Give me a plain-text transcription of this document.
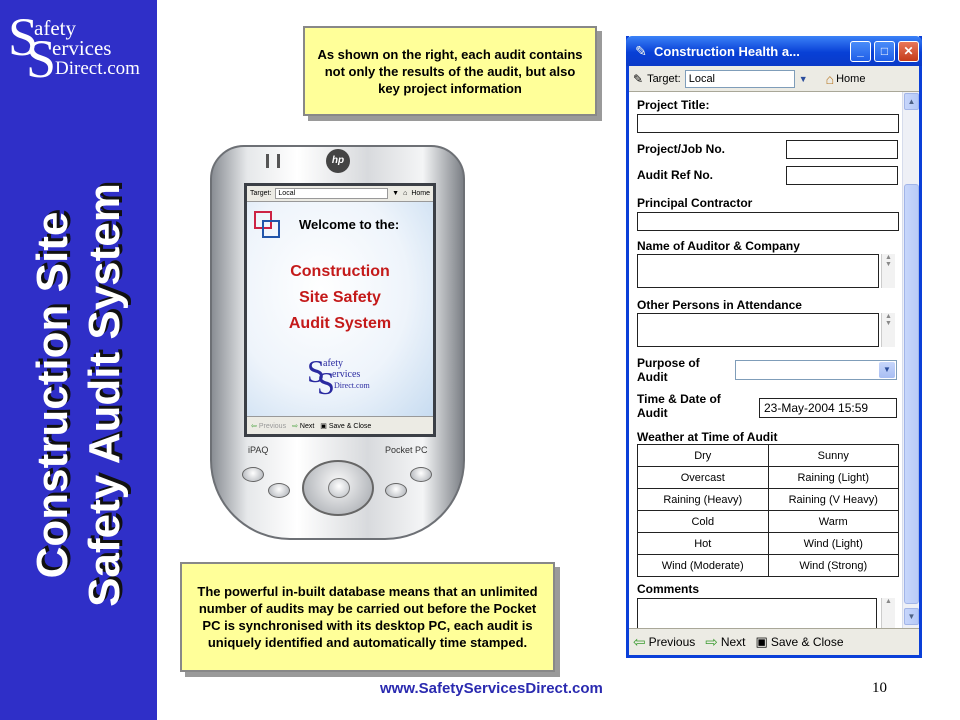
S
S
afety
ervices
Direct.com
Construction Site Safety Audit System
As shown on the right, each audit contains not only the results of the audit, but also key project information
The powerful in-built database means that an unlimited number of audits may be carried out before the Pocket PC is synchronised with its desktop PC, each audit is uniquely identified and automatically time stamped.
hp
Target:	Local	▼ ⌂ Home
Welcome to the:
Construction
Site Safety
Audit System
S
S
afety
ervices
Direct.com
⇦ Previous ⇨ Next ▣ Save & Close
iPAQ	Pocket PC
✎ Construction Health a...	_	□	✕
✎ Target: Local	▼ ⌂ Home
Project Title:
Project/Job No.
Audit Ref No.
Principal Contractor
Name of Auditor & Company
▲
▼
Other Persons in Attendance
▲
▼
Purpose of
Audit
▼
Time & Date of
Audit	23-May-2004 15:59
Weather at Time of Audit
Dry	Sunny
Overcast	Raining (Light)
Raining (Heavy)	Raining (V Heavy)
Cold	Warm
Hot	Wind (Light)
Wind (Moderate)	Wind (Strong)
Comments
▲
▲
▼
⇦ Previous ⇨ Next ▣ Save & Close
www.SafetyServicesDirect.com	10
